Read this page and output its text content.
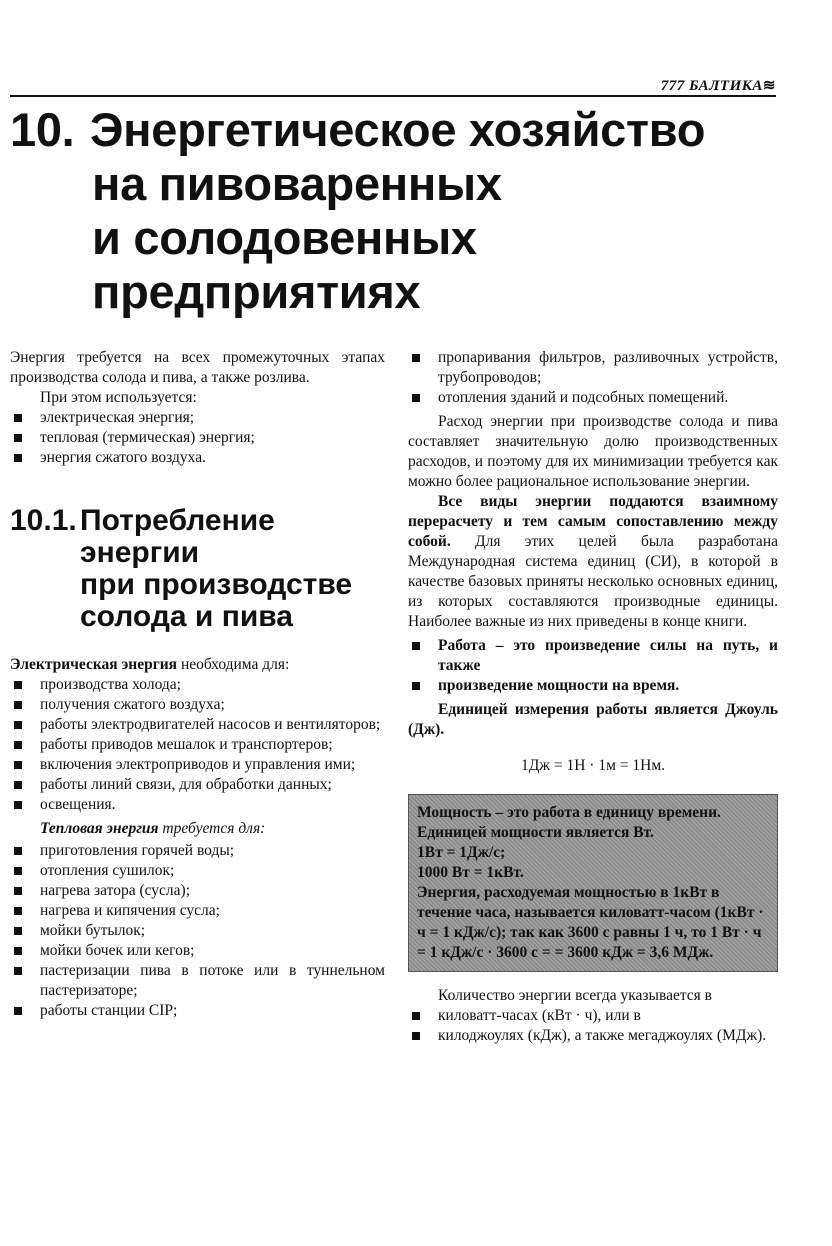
777 БАЛТИКА≋
10. Энергетическое хозяйство
на пивоваренных
и солодовенных предприятиях

Энергия требуется на всех промежуточных этапах производства солода и пива, а также розлива.

При этом используется:

электрическая энергия;
тепловая (термическая) энергия;
энергия сжатого воздуха.
10.1. Потребление
энергии
при производстве
солода и пива

Электрическая энергия необходима для:

производства холода;
получения сжатого воздуха;
работы электродвигателей насосов и вентиляторов;
работы приводов мешалок и транспортеров;
включения электроприводов и управления ими;
работы линий связи, для обработки данных;
освещения.

Тепловая энергия требуется для:

приготовления горячей воды;
отопления сушилок;
нагрева затора (сусла);
нагрева и кипячения сусла;
мойки бутылок;
мойки бочек или кегов;
пастеризации пива в потоке или в туннельном пастеризаторе;
работы станции CIP;
пропаривания фильтров, разливочных устройств, трубопроводов;
отопления зданий и подсобных помещений.

Расход энергии при производстве солода и пива составляет значительную долю производственных расходов, и поэтому для их минимизации требуется как можно более рациональное использование энергии.

Все виды энергии поддаются взаимному перерасчету и тем самым сопоставлению между собой. Для этих целей была разработана Международная система единиц (СИ), в которой в качестве базовых приняты несколько основных единиц, из которых составляются производные единицы. Наиболее важные из них приведены в конце книги.

Работа – это произведение силы на путь, и также
произведение мощности на время.

Единицей измерения работы является Джоуль (Дж).

1Дж = 1Н · 1м = 1Нм.

Мощность – это работа в единицу времени. Единицей мощности является Вт.

1Вт = 1Дж/с;

1000 Вт = 1кВт.

Энергия, расходуемая мощностью в 1кВт в течение часа, называется киловатт-часом (1кВт · ч = 1 кДж/с); так как 3600 с равны 1 ч, то 1 Вт · ч = 1 кДж/с · 3600 с = = 3600 кДж = 3,6 МДж.

Количество энергии всегда указывается в

киловатт-часах (кВт · ч), или в
килоджоулях (кДж), а также мегаджоулях (МДж).
